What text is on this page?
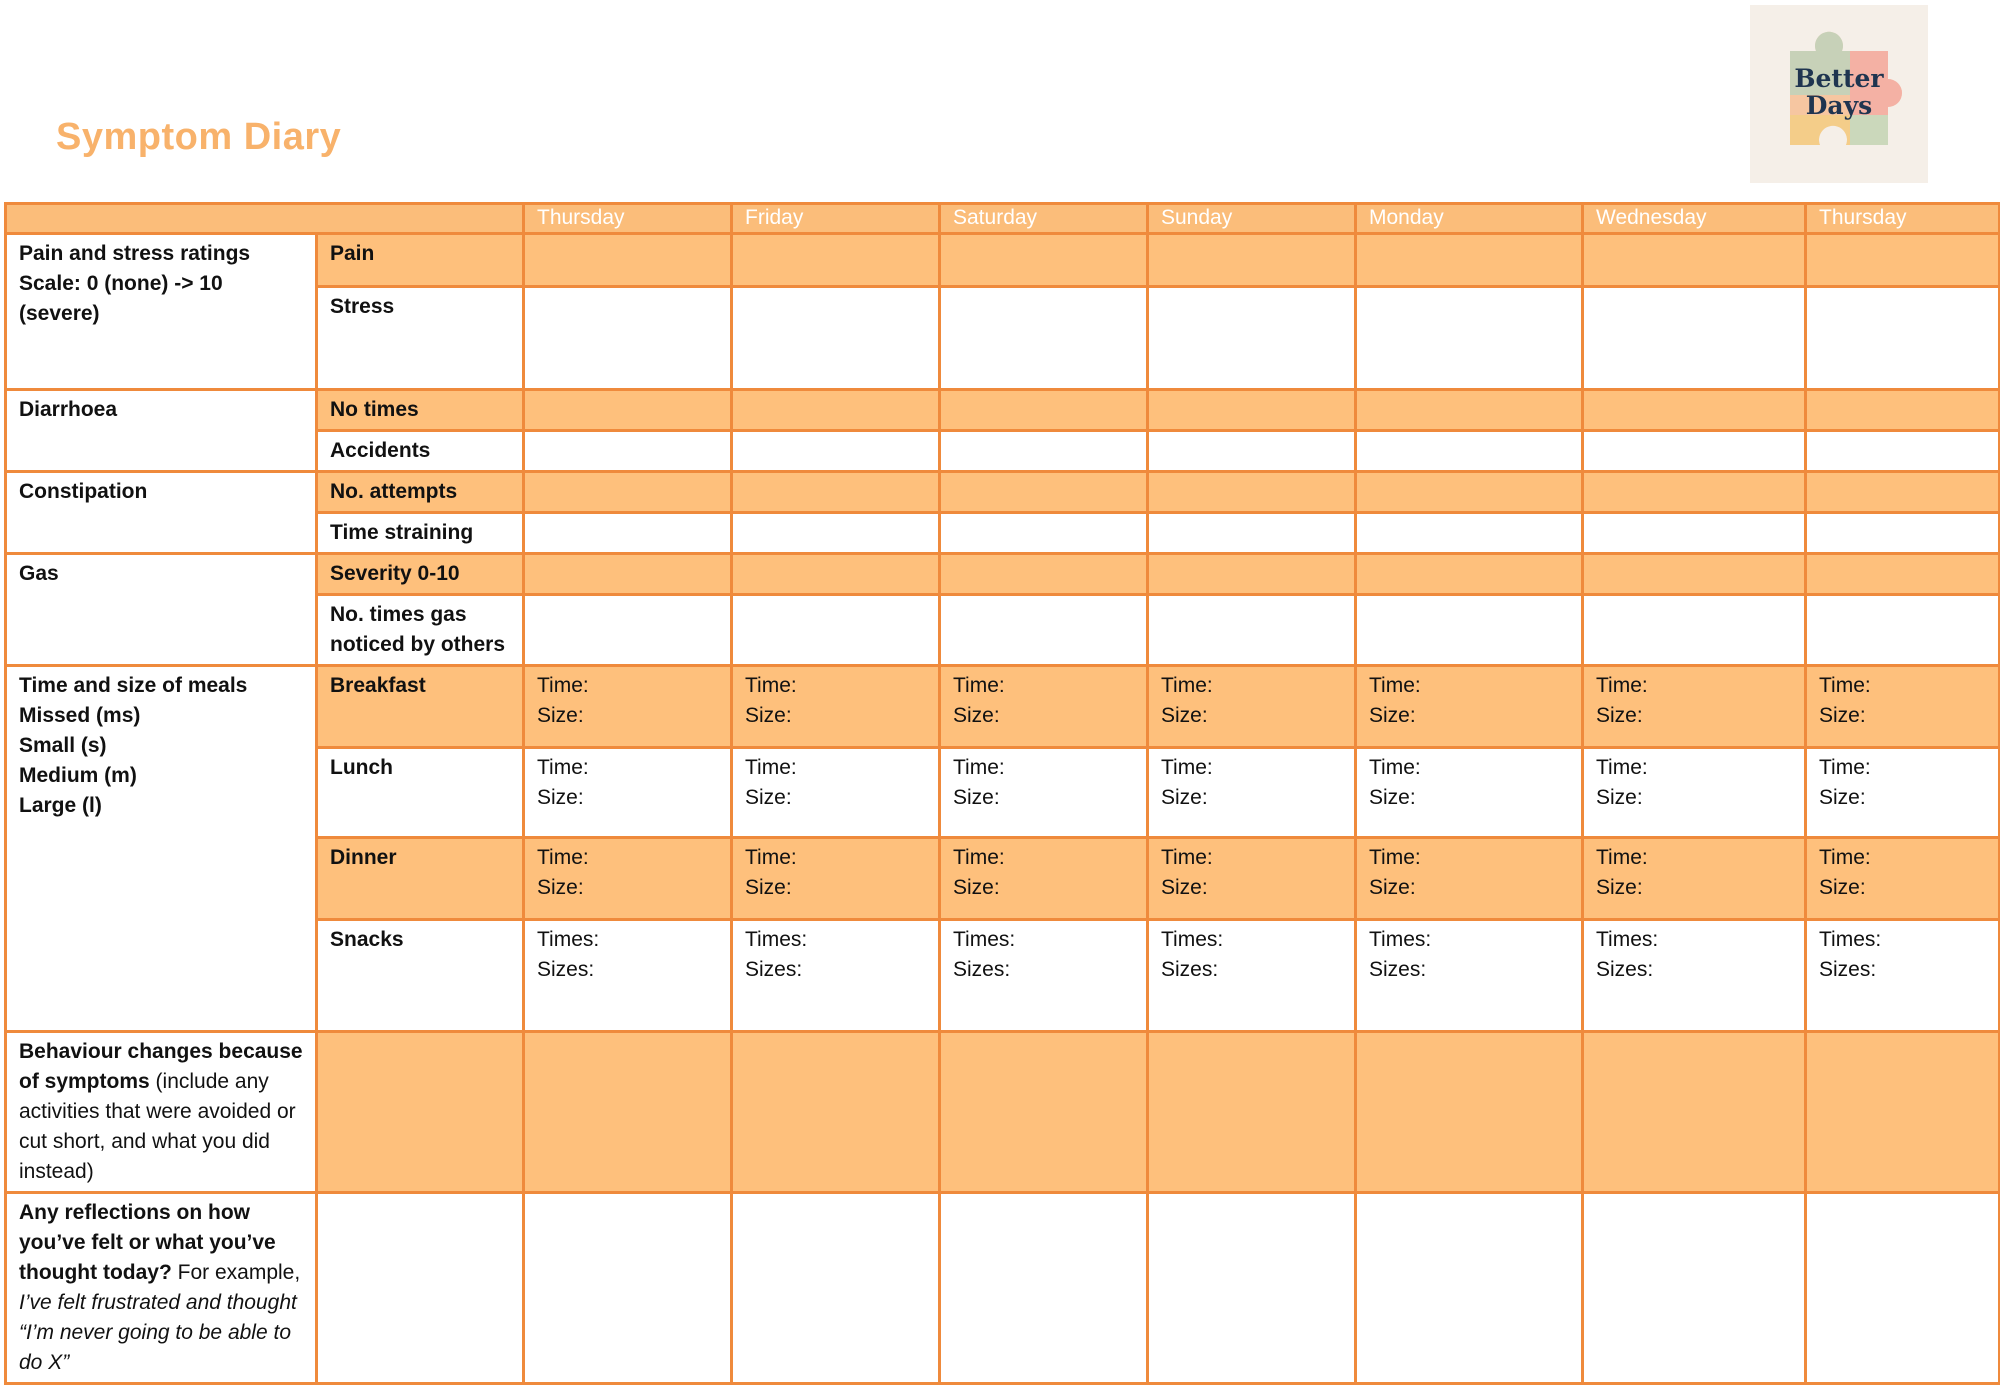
Symptom Diary
Better
Days
		Thursday	Friday	Saturday	Sunday	Monday	Wednesday	Thursday

Pain and stress ratings
Scale: 0 (none) -> 10 (severe)	Pain							
	Stress							
Diarrhoea	No times							
	Accidents							
Constipation	No. attempts							
	Time straining							
Gas	Severity 0-10							
	No. times gas noticed by others							

Time and size of meals
Missed (ms)
Small (s)
Medium (m)
Large (l)	Breakfast	Time:
Size:	Time:
Size:	Time:
Size:	Time:
Size:	Time:
Size:	Time:
Size:	Time:
Size:

	Lunch	Time:
Size:	Time:
Size:	Time:
Size:	Time:
Size:	Time:
Size:	Time:
Size:	Time:
Size:

	Dinner	Time:
Size:	Time:
Size:	Time:
Size:	Time:
Size:	Time:
Size:	Time:
Size:	Time:
Size:

	Snacks	Times:
Sizes:	Times:
Sizes:	Times:
Sizes:	Times:
Sizes:	Times:
Sizes:	Times:
Sizes:	Times:
Sizes:

Behaviour changes because of symptoms (include any activities that were avoided or cut short, and what you did instead)								
Any reflections on how you’ve felt or what you’ve thought today? For example, I’ve felt frustrated and thought “I’m never going to be able to do X”								
